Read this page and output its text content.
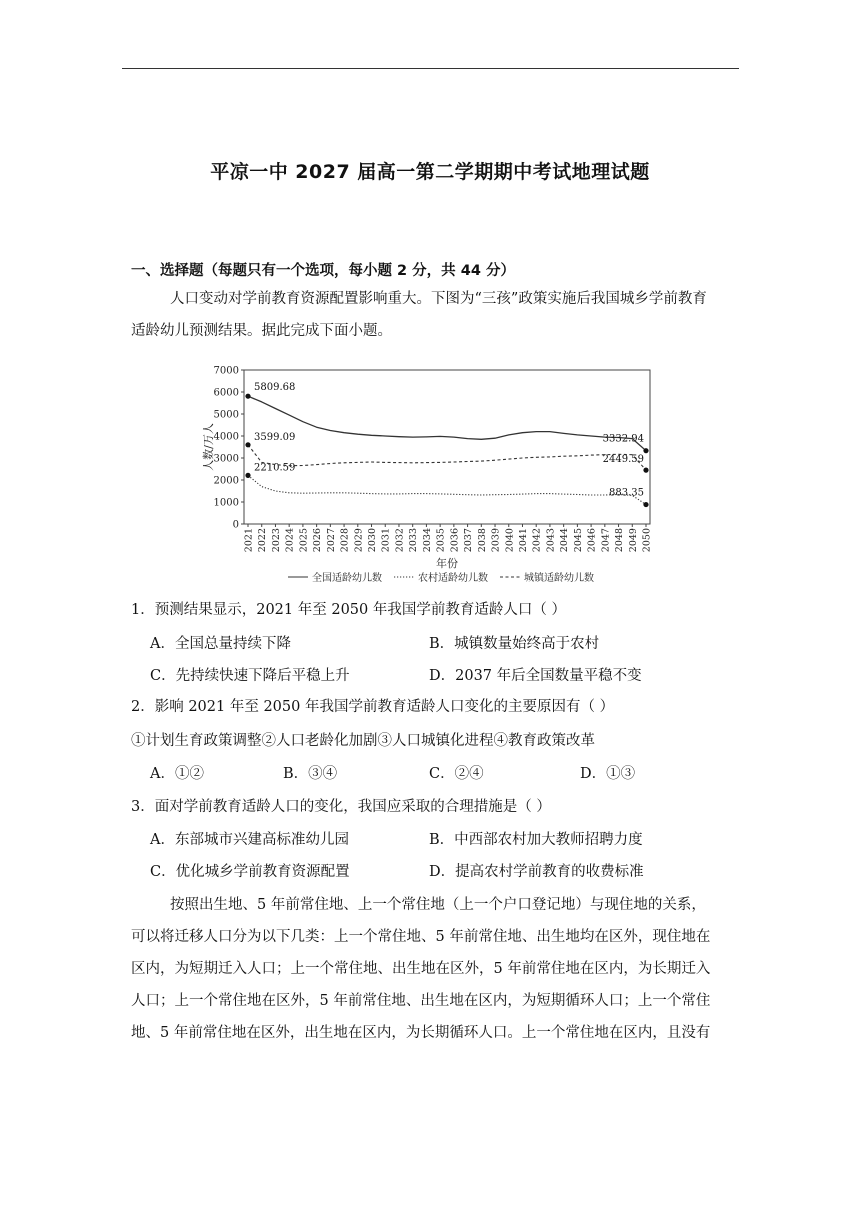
平凉一中 2027 届高一第二学期期中考试地理试题
一、选择题（每题只有一个选项，每小题 2 分，共 44 分）
人口变动对学前教育资源配置影响重大。下图为“三孩”政策实施后我国城乡学前教育
适龄幼儿预测结果。据此完成下面小题。
0
1000
2000
3000
4000
5000
6000
7000
2021 2022 2023 2024 2025 2026 2027 2028 2029 2030 2031 2032 2033 2034 2035 2036 2037 2038 2039 2040 2041 2042 2043 2044 2045 2046 2047 2048 2049 2050
人数/万人
年份
5809.68
3332.94
2210.59
883.35
3599.09
2449.59
全国适龄幼儿数	农村适龄幼儿数	城镇适龄幼儿数
1．预测结果显示，2021 年至 2050 年我国学前教育适龄人口（ ）
A．全国总量持续下降	B．城镇数量始终高于农村
C．先持续快速下降后平稳上升	D．2037 年后全国数量平稳不变
2．影响 2021 年至 2050 年我国学前教育适龄人口变化的主要原因有（ ）
①计划生育政策调整②人口老龄化加剧③人口城镇化进程④教育政策改革
A．①②	B．③④	C．②④	D．①③
3．面对学前教育适龄人口的变化，我国应采取的合理措施是（ ）
A．东部城市兴建高标准幼儿园	B．中西部农村加大教师招聘力度
C．优化城乡学前教育资源配置	D．提高农村学前教育的收费标准
按照出生地、5 年前常住地、上一个常住地（上一个户口登记地）与现住地的关系，
可以将迁移人口分为以下几类：上一个常住地、5 年前常住地、出生地均在区外，现住地在
区内，为短期迁入人口；上一个常住地、出生地在区外，5 年前常住地在区内，为长期迁入
人口；上一个常住地在区外，5 年前常住地、出生地在区内，为短期循环人口；上一个常住
地、5 年前常住地在区外，出生地在区内，为长期循环人口。上一个常住地在区内，且没有
